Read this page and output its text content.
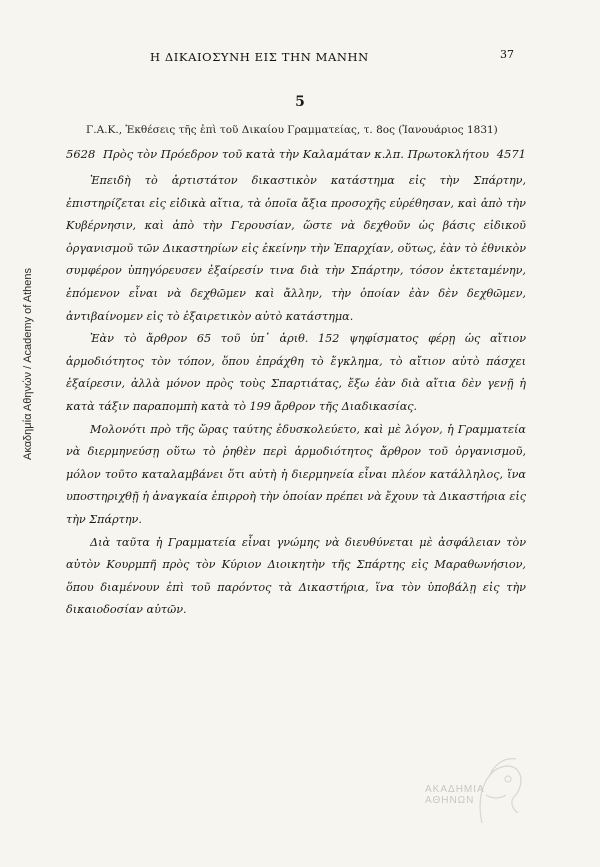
Ακαδημία Αθηνών / Academy of Athens
Η ΔΙΚΑΙΟΣΥΝΗ ΕΙΣ ΤΗΝ ΜΑΝΗΝ	37
5
Γ.Α.Κ., Ἐκθέσεις τῆς ἐπὶ τοῦ Δικαίου Γραμματείας, τ. 8ος (Ἰανουάριος 1831)
5628 Πρὸς τὸν Πρόεδρον τοῦ κατὰ τὴν Καλαμάταν κ.λπ. Πρωτοκλήτου 4571

Ἐπειδὴ τὸ ἀρτιστάτον δικαστικὸν κατάστημα εἰς τὴν Σπάρτην, ἐπιστηρίζεται εἰς εἰδικὰ αἴτια, τὰ ὁποῖα ἄξια προσοχῆς εὑρέθησαν, καὶ ἀπὸ τὴν Κυβέρνησιν, καὶ ἀπὸ τὴν Γερουσίαν, ὥστε νὰ δεχθοῦν ὡς βάσις εἰδικοῦ ὀργανισμοῦ τῶν Δικαστηρίων εἰς ἐκείνην τὴν Ἐπαρχίαν, οὕτως, ἐὰν τὸ ἐθνικὸν συμφέρον ὑπηγόρευσεν ἐξαίρεσίν τινα διὰ τὴν Σπάρτην, τόσον ἐκτεταμένην, ἑπόμενον εἶναι νὰ δεχθῶμεν καὶ ἄλλην, τὴν ὁποίαν ἐὰν δὲν δεχθῶμεν, ἀντιβαίνομεν εἰς τὸ ἐξαιρετικὸν αὐτὸ κατάστημα.

Ἐὰν τὸ ἄρθρον 65 τοῦ ὑπ᾽ ἀριθ. 152 ψηφίσματος φέρῃ ὡς αἴτιον ἁρμοδιότητος τὸν τόπον, ὅπου ἐπράχθη τὸ ἔγκλημα, τὸ αἴτιον αὐτὸ πάσχει ἐξαίρεσιν, ἀλλὰ μόνον πρὸς τοὺς Σπαρτιάτας, ἔξω ἐὰν διὰ αἴτια δὲν γενῇ ἡ κατὰ τάξιν παραπομπὴ κατὰ τὸ 199 ἄρθρον τῆς Διαδικασίας.

Μολονότι πρὸ τῆς ὥρας ταύτης ἐδυσκολεύετο, καὶ μὲ λόγον, ἡ Γραμματεία νὰ διερμηνεύσῃ οὕτω τὸ ῥηθὲν περὶ ἁρμοδιότητος ἄρθρον τοῦ ὀργανισμοῦ, μόλον τοῦτο καταλαμβάνει ὅτι αὐτὴ ἡ διερμηνεία εἶναι πλέον κατάλληλος, ἵνα υποστηριχθῇ ἡ ἀναγκαία ἐπιρροὴ τὴν ὁποίαν πρέπει νὰ ἔχουν τὰ Δικαστήρια εἰς τὴν Σπάρτην.

Διὰ ταῦτα ἡ Γραμματεία εἶναι γνώμης νὰ διευθύνεται μὲ ἀσφάλειαν τὸν αὐτὸν Κουρμπῆ πρὸς τὸν Κύριον Διοικητὴν τῆς Σπάρτης εἰς Μαραθωνήσιον, ὅπου διαμένουν ἐπὶ τοῦ παρόντος τὰ Δικαστήρια, ἵνα τὸν ὑποβάλῃ εἰς τὴν δικαιοδοσίαν αὐτῶν.

ΑΚΑΔΗΜΙΑ ΑΘΗΝΩΝ
